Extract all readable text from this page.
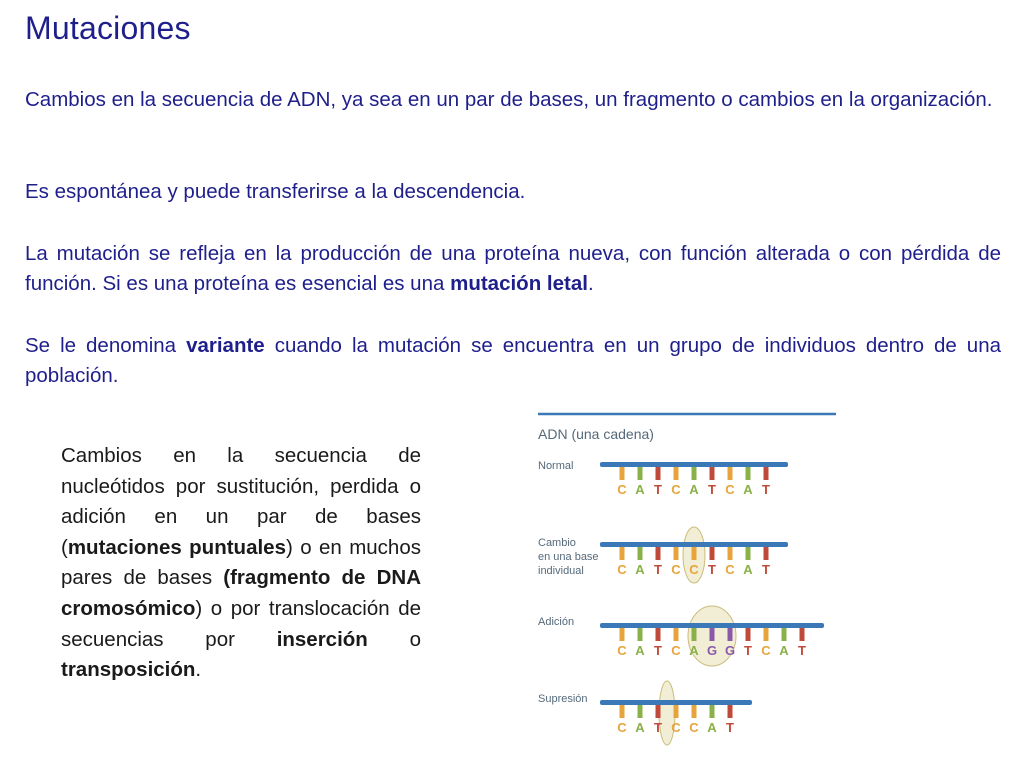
Mutaciones
Cambios en la secuencia de ADN, ya sea en un par de bases, un fragmento o cambios en la organización.
Es espontánea y puede transferirse a la descendencia.
La mutación se refleja en la producción de una proteína nueva, con función alterada o con pérdida de función. Si es una proteína es esencial es una mutación letal.
Se le denomina variante cuando la mutación se encuentra en un grupo de individuos dentro de una población.
Cambios en la secuencia de nucleótidos por sustitución, perdida o adición en un par de bases (mutaciones puntuales) o en muchos pares de bases (fragmento de DNA cromosómico) o por translocación de secuencias por inserción o transposición.
ADN (una cadena)
Normal
C A T C A T C A T
Cambio
en una base
individual	C A T C C T C A T
Adición
C A T C A G G T C A T
Supresión
C A T C C A T
